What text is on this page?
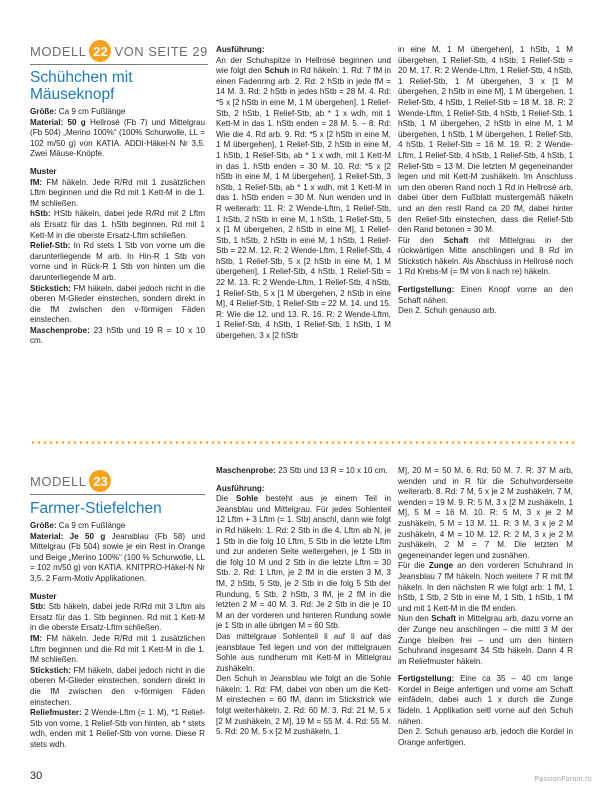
MODELL 22 VON SEITE 29
Schühchen mit Mäuseknopf

Größe: Ca 9 cm Fußlänge

Material: 50 g Hellrosé (Fb 7) und Mittelgrau (Fb 504) „Merino 100%“ (100% Schurwolle, LL = 102 m/50 g) von KATIA. ADDI-Häkel-N Nr 3,5. Zwei Mäuse-Knöpfe.

Muster

fM: FM häkeln. Jede R/Rd mit 1 zusätzlichen Lftm beginnen und die Rd mit 1 Kett-M in die 1. fM schließen.

hStb: HStb häkeln, dabei jede R/Rd mit 2 Lftm als Ersatz für das 1. hStb beginnen. Rd mit 1 Kett-M in die oberste Ersatz-Lftm schließen.

Relief-Stb: In Rd stets 1 Stb von vorne um die darunterliegende M arb. In Hin-R 1 Stb von vorne und in Rück-R 1 Stb von hinten um die darunterliegende M arb.

Stickstich: FM häkeln, dabei jedoch nicht in die oberen M-Glieder einstechen, sondern direkt in die fM zwischen den v-förmigen Fäden einstechen.

Maschenprobe: 23 hStb und 19 R = 10 x 10 cm.

Ausführung:

An der Schuhspitze in Hellrosé beginnen und wie folgt den Schuh in Rd häkeln: 1. Rd: 7 fM in einen Fadenring arb. 2. Rd: 2 hStb in jede fM = 14 M. 3. Rd: 2 hStb in jedes hStb = 28 M. 4. Rd: *5 x [2 hStb in eine M, 1 M übergehen], 1 Relief-Stb, 2 hStb, 1 Relief-Stb, ab * 1 x wdh, mit 1 Kett-M in das 1. hStb enden = 28 M. 5. – 8. Rd: Wie die 4. Rd arb. 9. Rd: *5 x [2 hStb in eine M, 1 M übergehen], 1 Relief-Stb, 2 hStb in eine M, 1 hStb, 1 Relief-Stb, ab * 1 x wdh, mit 1 Kett-M in das 1. hStb enden = 30 M. 10. Rd: *5 x [2 hStb in eine M, 1 M übergehen], 1 Relief-Stb, 3 hStb, 1 Relief-Stb, ab * 1 x wdh, mit 1 Kett-M in das 1. hStb enden = 30 M. Nun wenden und in R weiterarb: 11. R: 2 Wende-Lftm, 1 Relief-Stb, 1 hStb, 2 hStb in eine M, 1 hStb, 1 Relief-Stb, 5 x [1 M übergehen, 2 hStb in eine M], 1 Relief-Stb, 1 hStb, 2 hStb in eine M, 1 hStb, 1 Relief-Stb = 22 M. 12. R: 2 Wende-Lftm, 1 Relief-Stb, 4 hStb, 1 Relief-Stb, 5 x [2 hStb in eine M, 1 M übergehen], 1 Relief-Stb, 4 hStb, 1 Relief-Stb = 22 M. 13. R: 2 Wende-Lftm, 1 Relief-Stb, 4 hStb, 1 Relief-Stb, 5 x [1 M übergehen, 2 hStb in eine M], 4 Relief-Stb, 1 Relief-Stb = 22 M. 14. und 15. R: Wie die 12. und 13. R. 16. R: 2 Wende-Lftm, 1 Relief-Stb, 4 hStb, 1 Relief-Stb, 1 hStb, 1 M übergehen, 3 x [2 hStb

in eine M, 1 M übergehen], 1 hStb, 1 M übergehen, 1 Relief-Stb, 4 hStb, 1 Relief-Stb = 20 M. 17. R: 2 Wende-Lftm, 1 Relief-Stb, 4 hStb, 1 Relief-Stb, 1 M übergehen, 3 x [1 M übergehen, 2 hStb in eine M], 1 M übergehen, 1 Relief-Stb, 4 hStb, 1 Relief-Stb = 18 M. 18. R: 2 Wende-Lftm, 1 Relief-Stb, 4 hStb, 1 Relief-Stb, 1 hStb, 1 M übergehen, 2 hStb in eine M, 1 M übergehen, 1 hStb, 1 M übergehen, 1 Relief-Stb, 4 hStb, 1 Relief-Stb = 16 M. 19. R: 2 Wende-Lftm, 1 Relief-Stb, 4 hStb, 1 Relief-Stb, 4 hStb, 1 Relief-Stb = 13 M. Die letzten M gegeneinander legen und mit Kett-M zushäkeln. Im Anschluss um den oberen Rand noch 1 Rd in Hellrosé arb, dabei über dem Fußblatt mustergemäß häkeln und an den restl Rand ca 20 fM, dabei hinter den Relief-Stb einstechen, dass die Relief-Stb den Rand betonen = 30 M.

Für den Schaft mit Mittelgrau in der rückwärtigen Mitte anschlingen und 8 Rd im Stickstich häkeln. Als Abschluss in Hellrosé noch 1 Rd Krebs-M (= fM von li nach re) häkeln.

Fertigstellung: Einen Knopf vorne an den Schaft nähen.

Den 2. Schuh genauso arb.

MODELL 23
Farmer-Stiefelchen

Größe: Ca 9 cm Fußlänge

Material: Je 50 g Jeansblau (Fb 58) und Mittelgrau (Fb 504) sowie je ein Rest in Orange und Beige „Merino 100%“ (100 % Schurwolle, LL = 102 m/50 g) von KATIA. KNITPRO-Häkel-N Nr 3,5. 2 Farm-Motiv Applikationen.

Muster

Stb: Stb häkeln, dabei jede R/Rd mit 3 Lftm als Ersatz für das 1. Stb beginnen. Rd mit 1 Kett-M in die oberste Ersatz-Lftm schließen.

fM: FM häkeln. Jede R/Rd mit 1 zusätzlichen Lftm beginnen und die Rd mit 1 Kett-M in die 1. fM schließen.

Stickstich: FM häkeln, dabei jedoch nicht in die oberen M-Glieder einstechen, sondern direkt in die fM zwischen den v-förmigen Fäden einstechen.

Reliefmuster: 2 Wende-Lftm (= 1. M), *1 Relief-Stb von vorne, 1 Relief-Stb von hinten, ab * stets wdh, enden mit 1 Relief-Stb von vorne. Diese R stets wdh.

Maschenprobe: 23 Stb und 13 R = 10 x 10 cm.

Ausführung:

Die Sohle besteht aus je einem Teil in Jeansblau und Mittelgrau. Für jedes Sohlenteil 12 Lftm + 3 Lftm (= 1. Stb) anschl, dann wie folgt in Rd häkeln: 1. Rd: 2 Stb in die 4. Lftm ab N, je 1 Stb in die folg 10 Lftm, 5 Stb in die letzte Lftm und zur anderen Seite weitergehen, je 1 Stb in die folg 10 M und 2 Stb in die letzte Lftm = 30 Stb. 2. Rd: 1 Lftm, je 2 fM in die ersten 3 M, 3 fM, 2 hStb, 5 Stb, je 2 Stb in die folg 5 Stb der Rundung, 5 Stb, 2 hStb, 3 fM, je 2 fM in die letzten 2 M = 40 M. 3. Rd: Je 2 Stb in die je 10 M an der vorderen und hinteren Rundung sowie je 1 Stb in alle übrigen M = 60 Stb.

Das mittelgraue Sohlenteil li auf li auf das jeansblaue Teil legen und von der mittelgrauen Sohle aus rundherum mit Kett-M in Mittelgrau zushäkeln.

Den Schuh in Jeansblau wie folgt an die Sohle häkeln: 1. Rd: FM, dabei von oben um die Kett-M einstechen = 60 fM, dann im Stickstrick wie folgt weiterhäkeln. 2. Rd: 60 M. 3. Rd: 21 M, 5 x [2 M zushäkeln, 2 M], 19 M = 55 M. 4. Rd: 55 M. 5. Rd: 20 M, 5 x [2 M zushäkeln, 1

M], 20 M = 50 M. 6. Rd: 50 M. 7. R: 37 M arb, wenden und in R für die Schuhvorderseite weiterarb. 8. Rd: 7 M, 5 x je 2 M zushäkeln, 7 M, wenden = 19 M. 9. R: 5 M, 3 x [2 M zushäkeln, 1 M], 5 M = 16 M. 10. R: 5 M, 3 x je 2 M zushäkeln, 5 M = 13 M. 11. R: 3 M, 3 x je 2 M zushäkeln, 4 M = 10 M. 12. R: 2 M, 3 x je 2 M zushäkeln, 2 M = 7 M. Die letzten M gegeneinander legen und zusnähen.

Für die Zunge an den vorderen Schuhrand in Jeansblau 7 fM häkeln. Noch weitere 7 R mit fM häkeln. In den nächsten R wie folgt arb: 1 fM, 1 hStb, 1 Stb, 2 Stb in eine M, 1 Stb, 1 hStb, 1 fM und mit 1 Kett-M in die fM enden.

Nun den Schaft in Mittelgrau arb, dazu vorne an der Zunge neu anschlingen – die mittl 3 M der Zunge bleiben frei – und um den hintern Schuhrand insgesamt 34 Stb häkeln. Dann 4 R im Reliefmuster häkeln.

Fertigstellung: Eine ca 35 – 40 cm lange Kordel in Beige anfertigen und vorne am Schaft einfädeln, dabei auch 1 x durch die Zunge fädeln. 1 Applikation seitl vorne auf den Schuh nähen.

Den 2. Schuh genauso arb, jedoch die Kordel in Orange anfertigen.

30	PassionForum.ru
